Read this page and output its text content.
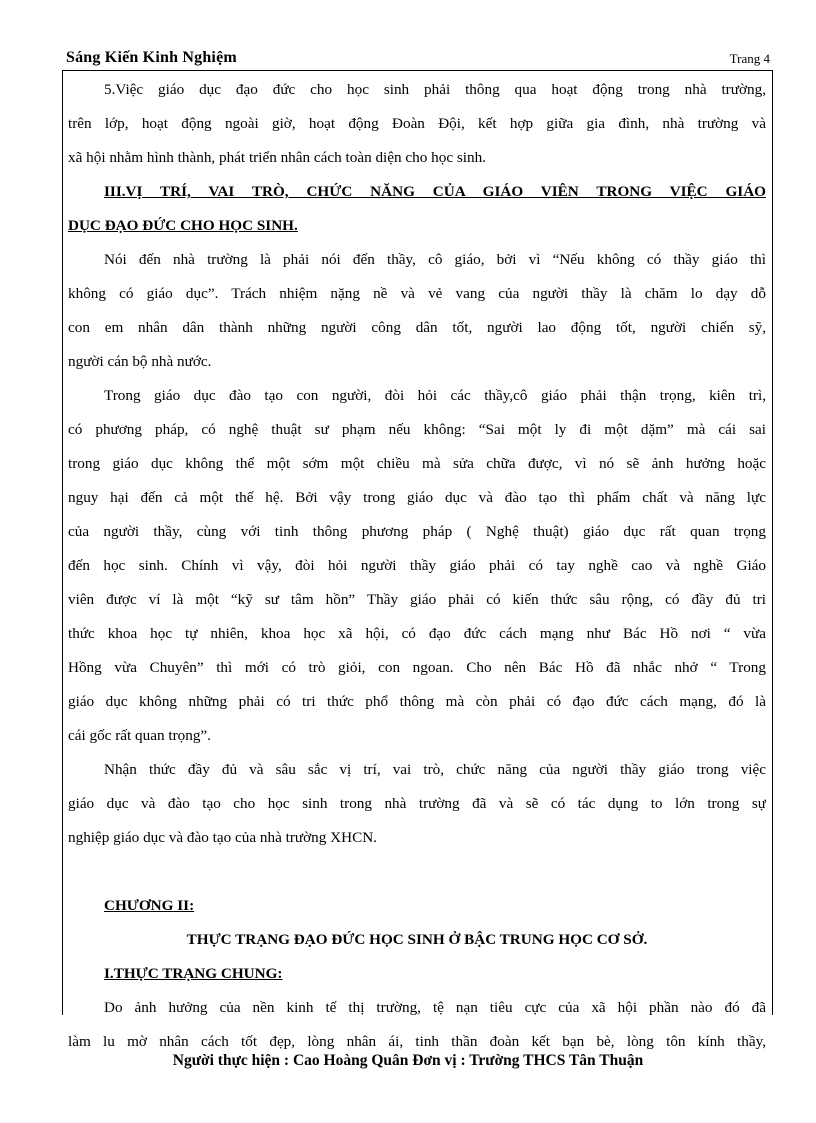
Sáng Kiến Kinh Nghiệm	Trang 4
5.Việc giáo dục đạo đức cho học sinh phải thông qua hoạt động trong nhà trường,
trên lớp, hoạt động ngoài giờ, hoạt động Đoàn Đội, kết hợp giữa gia đình, nhà trường và
xã hội nhằm hình thành, phát triển nhân cách toàn diện cho học sinh.
III.VỊ TRÍ, VAI TRÒ, CHỨC NĂNG CỦA GIÁO VIÊN TRONG VIỆC GIÁO
DỤC ĐẠO ĐỨC CHO HỌC SINH.
Nói đến nhà trường là phải nói đến thầy, cô giáo, bởi vì “Nếu không có thầy giáo thì
không có giáo dục”. Trách nhiệm nặng nề và vẻ vang của người thầy là chăm lo dạy dỗ
con em nhân dân thành những người công dân tốt, người lao động tốt, người chiến sỹ,
người cán bộ nhà nước.
Trong giáo dục đào tạo con người, đòi hỏi các thầy,cô giáo phải thận trọng, kiên trì,
có phương pháp, có nghệ thuật sư phạm nếu không: “Sai một ly đi một dặm” mà cái sai
trong giáo dục không thể một sớm một chiều mà sửa chữa được, vì nó sẽ ảnh hưởng hoặc
nguy hại đến cả một thế hệ. Bởi vậy trong giáo dục và đào tạo thì phẩm chất và năng lực
của người thầy, cùng với tinh thông phương pháp ( Nghệ thuật) giáo dục rất quan trọng
đến học sinh. Chính vì vậy, đòi hỏi người thầy giáo phải có tay nghề cao và nghề Giáo
viên được ví là một “kỹ sư tâm hồn” Thầy giáo phải có kiến thức sâu rộng, có đầy đủ tri
thức khoa học tự nhiên, khoa học xã hội, có đạo đức cách mạng như Bác Hồ nơi “ vừa
Hồng vừa Chuyên” thì mới có trò giỏi, con ngoan. Cho nên Bác Hồ đã nhắc nhở “ Trong
giáo dục không những phải có tri thức phổ thông mà còn phải có đạo đức cách mạng, đó là
cái gốc rất quan trọng”.
Nhận thức đầy đủ và sâu sắc vị trí, vai trò, chức năng của người thầy giáo trong việc
giáo dục và đào tạo cho học sinh trong nhà trường đã và sẽ có tác dụng to lớn trong sự
nghiệp giáo dục và đào tạo của nhà trường XHCN.
CHƯƠNG II:
THỰC TRẠNG ĐẠO ĐỨC HỌC SINH Ở BẬC TRUNG HỌC CƠ SỞ.
I.THỰC TRẠNG CHUNG:
Do ảnh hưởng của nền kinh tế thị trường, tệ nạn tiêu cực của xã hội phần nào đó đã
làm lu mờ nhân cách tốt đẹp, lòng nhân ái, tinh thần đoàn kết bạn bè, lòng tôn kính thầy,
Người thực hiện : Cao Hoàng Quân Đơn vị : Trường THCS Tân Thuận
